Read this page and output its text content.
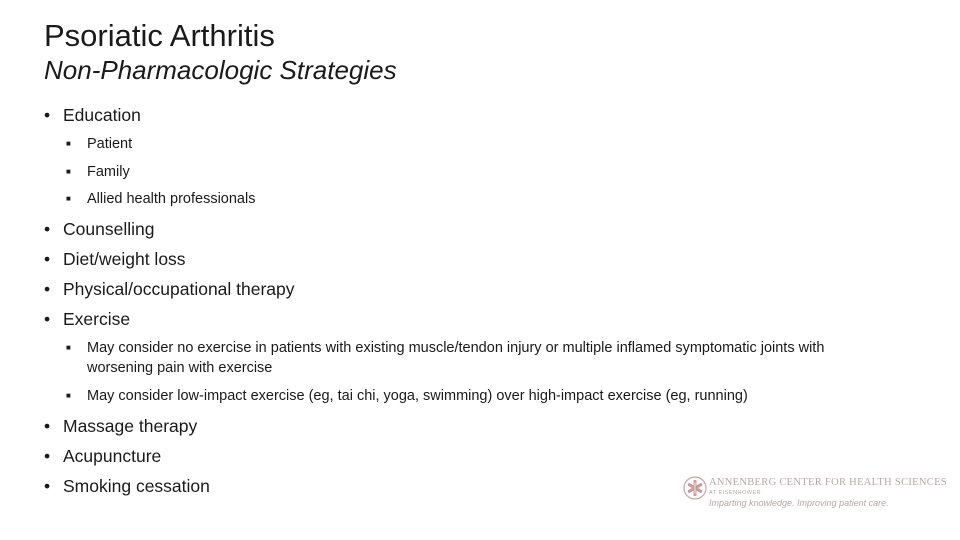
Psoriatic Arthritis
Non-Pharmacologic Strategies
• Education
■ Patient
■ Family
■ Allied health professionals
• Counselling
• Diet/weight loss
• Physical/occupational therapy
• Exercise
■ May consider no exercise in patients with existing muscle/tendon injury or multiple inflamed symptomatic joints with worsening pain with exercise
■ May consider low-impact exercise (eg, tai chi, yoga, swimming) over high-impact exercise (eg, running)
• Massage therapy
• Acupuncture
• Smoking cessation	ANNENBERG CENTER FOR HEALTH SCIENCES
AT EISENHOWER
Imparting knowledge. Improving patient care.
